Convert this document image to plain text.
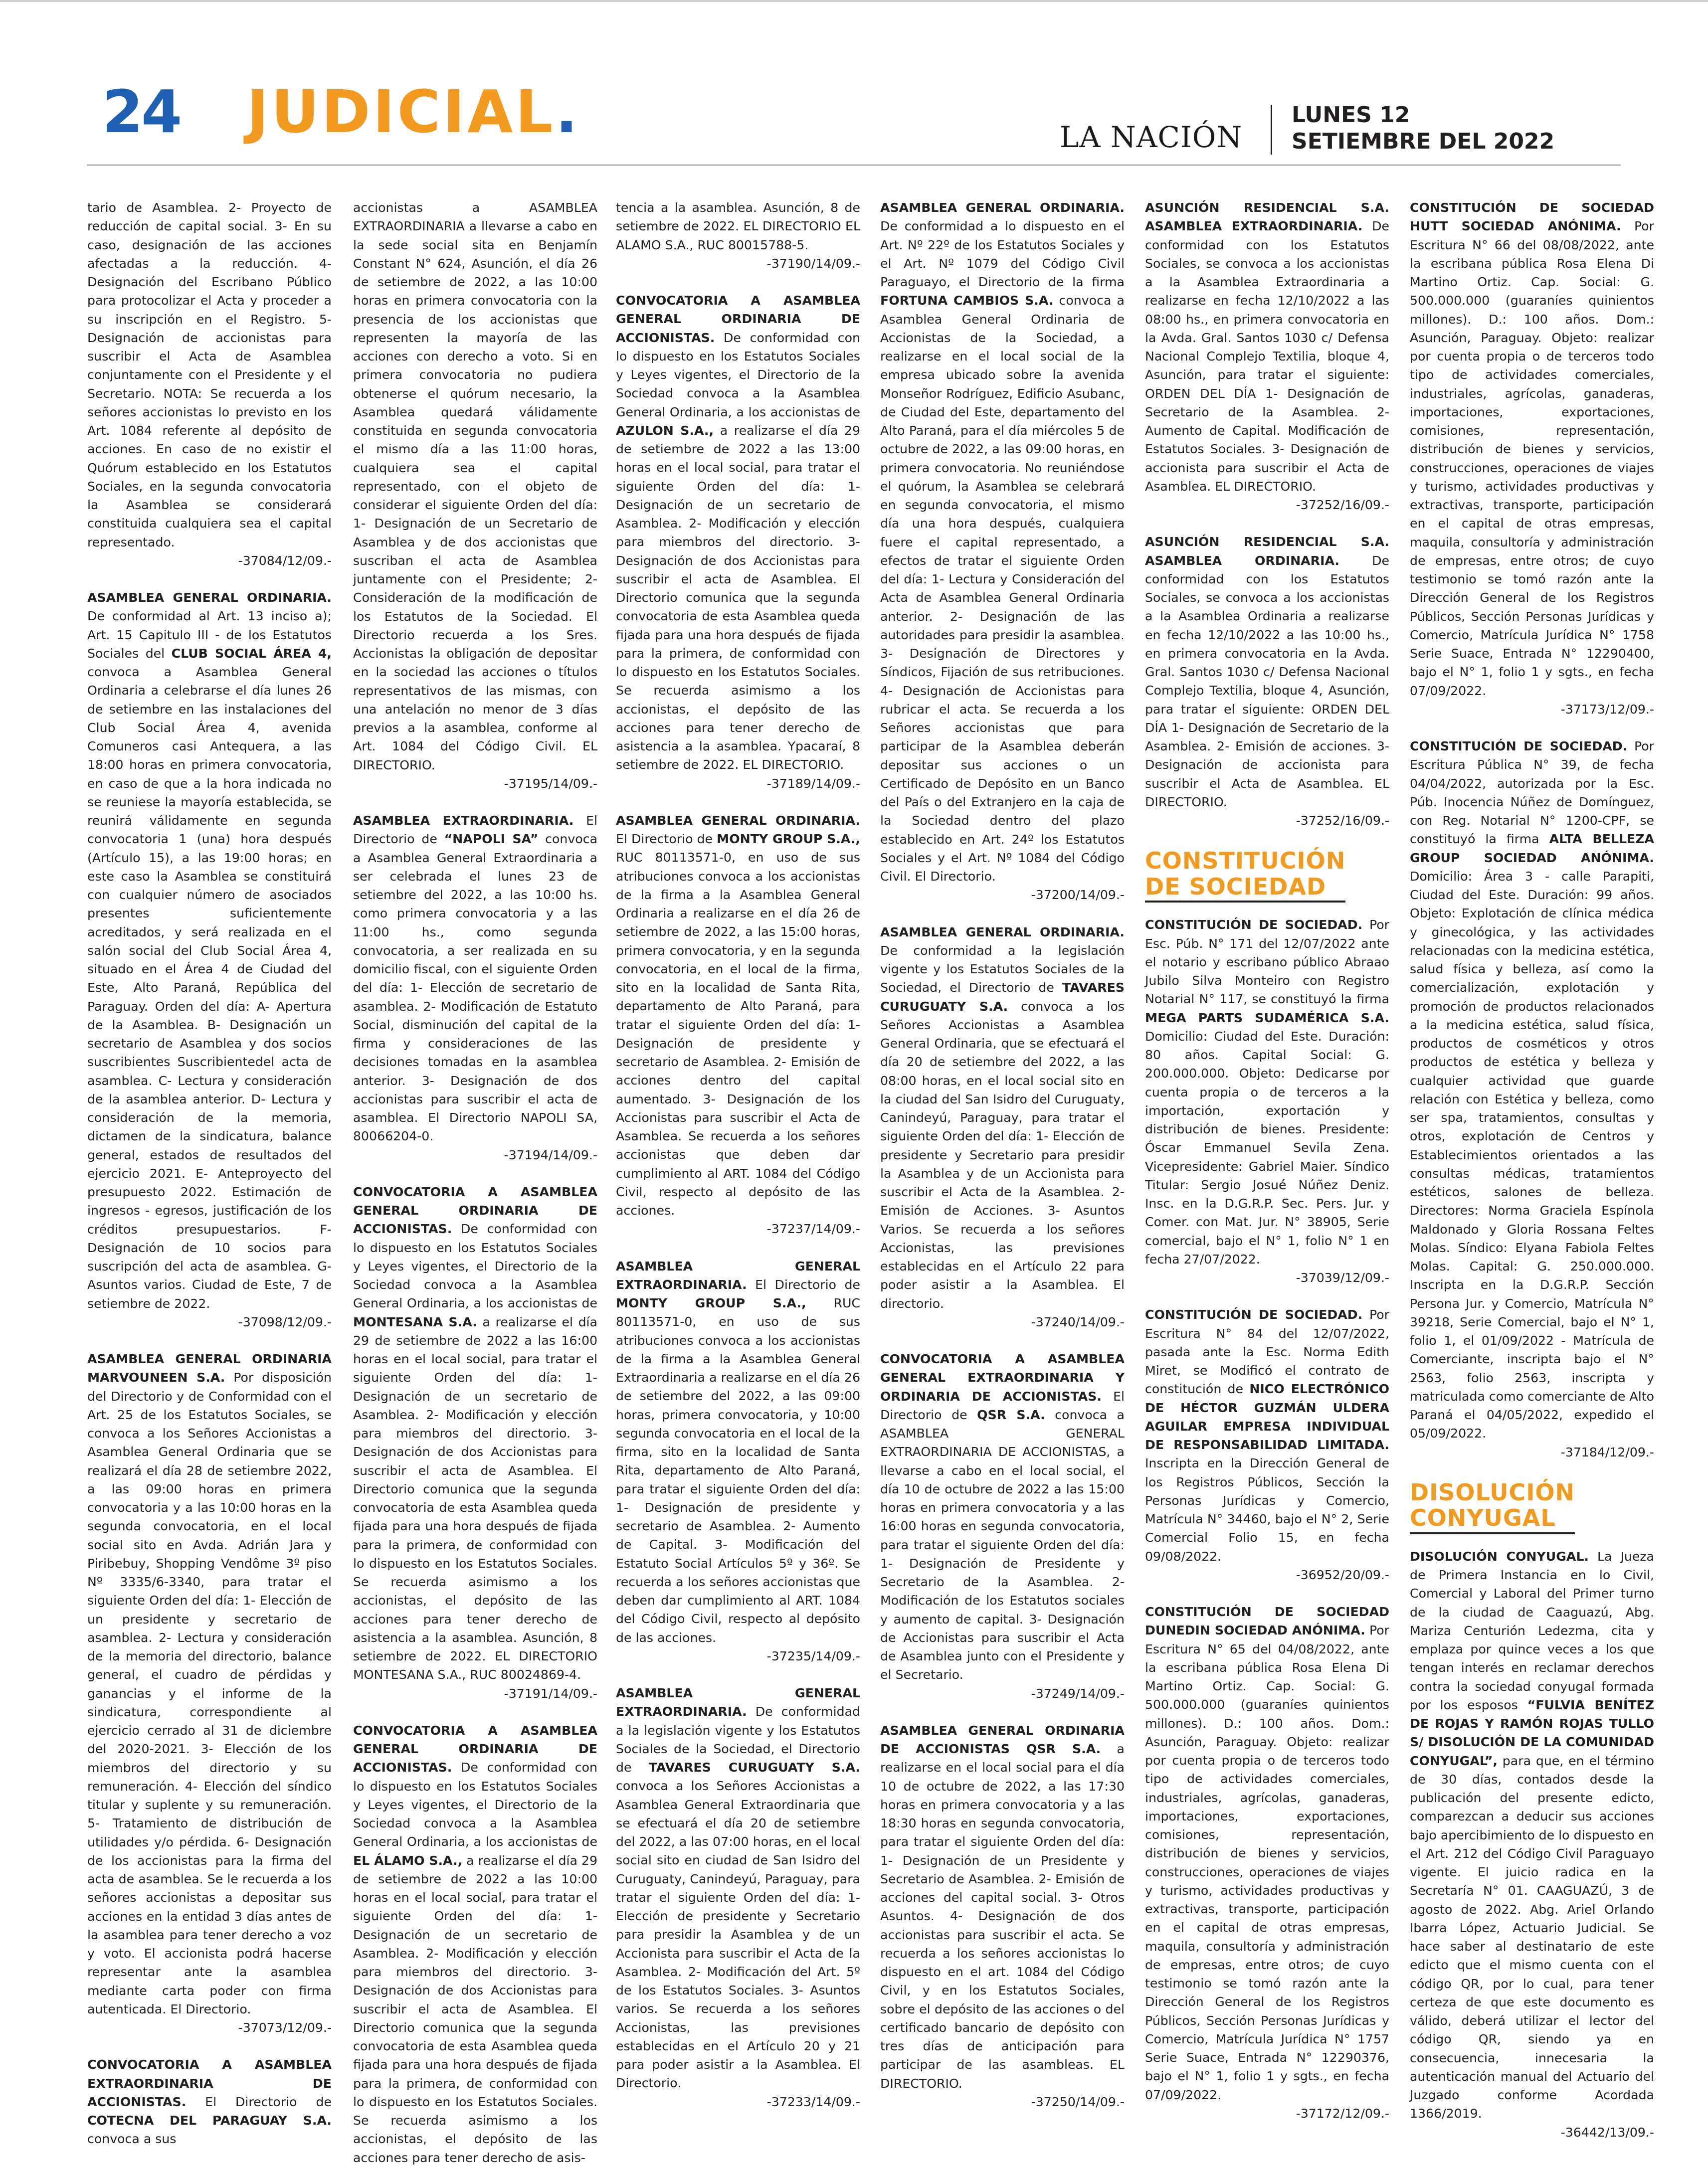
24 JUDICIAL.	LA NACIÓN
LUNES 12
SETIEMBRE DEL 2022

tario de Asamblea. 2- Proyecto de reducción de capital social. 3- En su caso, designación de las acciones afectadas a la reducción. 4- Designación del Escribano Público para protocolizar el Acta y proceder a su inscripción en el Registro. 5- Designación de accionistas para suscribir el Acta de Asamblea conjuntamente con el Presidente y el Secretario. NOTA: Se recuerda a los señores accionistas lo previsto en los Art. 1084 referente al depósito de acciones. En caso de no existir el Quórum establecido en los Estatutos Sociales, en la segunda convocatoria la Asamblea se considerará constituida cualquiera sea el capital representado.

-37084/12/09.-

ASAMBLEA GENERAL ORDINARIA. De conformidad al Art. 13 inciso a); Art. 15 Capitulo III - de los Estatutos Sociales del CLUB SOCIAL ÁREA 4, convoca a Asamblea General Ordinaria a celebrarse el día lunes 26 de setiembre en las instalaciones del Club Social Área 4, avenida Comuneros casi Antequera, a las 18:00 horas en primera convocatoria, en caso de que a la hora indicada no se reuniese la mayoría establecida, se reunirá válidamente en segunda convocatoria 1 (una) hora después (Artículo 15), a las 19:00 horas; en este caso la Asamblea se constituirá con cualquier número de asociados presentes suficientemente acreditados, y será realizada en el salón social del Club Social Área 4, situado en el Área 4 de Ciudad del Este, Alto Paraná, República del Paraguay. Orden del día: A- Apertura de la Asamblea. B- Designación un secretario de Asamblea y dos socios suscribientes Suscribientedel acta de asamblea. C- Lectura y consideración de la asamblea anterior. D- Lectura y consideración de la memoria, dictamen de la sindicatura, balance general, estados de resultados del ejercicio 2021. E- Anteproyecto del presupuesto 2022. Estimación de ingresos - egresos, justificación de los créditos presupuestarios. F- Designación de 10 socios para suscripción del acta de asamblea. G- Asuntos varios. Ciudad de Este, 7 de setiembre de 2022.

-37098/12/09.-

ASAMBLEA GENERAL ORDINARIA MARVOUNEEN S.A. Por disposición del Directorio y de Conformidad con el Art. 25 de los Estatutos Sociales, se convoca a los Señores Accionistas a Asamblea General Ordinaria que se realizará el día 28 de setiembre 2022, a las 09:00 horas en primera convocatoria y a las 10:00 horas en la segunda convocatoria, en el local social sito en Avda. Adrián Jara y Piribebuy, Shopping Vendôme 3º piso Nº 3335/6-3340, para tratar el siguiente Orden del día: 1- Elección de un presidente y secretario de asamblea. 2- Lectura y consideración de la memoria del directorio, balance general, el cuadro de pérdidas y ganancias y el informe de la sindicatura, correspondiente al ejercicio cerrado al 31 de diciembre del 2020-2021. 3- Elección de los miembros del directorio y su remuneración. 4- Elección del síndico titular y suplente y su remuneración. 5- Tratamiento de distribución de utilidades y/o pérdida. 6- Designación de los accionistas para la firma del acta de asamblea. Se le recuerda a los señores accionistas a depositar sus acciones en la entidad 3 días antes de la asamblea para tener derecho a voz y voto. El accionista podrá hacerse representar ante la asamblea mediante carta poder con firma autenticada. El Directorio.

-37073/12/09.-

CONVOCATORIA A ASAMBLEA EXTRAORDINARIA DE ACCIONISTAS. El Directorio de COTECNA DEL PARAGUAY S.A. convoca a sus

accionistas a ASAMBLEA EXTRAORDINARIA a llevarse a cabo en la sede social sita en Benjamín Constant N° 624, Asunción, el día 26 de setiembre de 2022, a las 10:00 horas en primera convocatoria con la presencia de los accionistas que representen la mayoría de las acciones con derecho a voto. Si en primera convocatoria no pudiera obtenerse el quórum necesario, la Asamblea quedará válidamente constituida en segunda convocatoria el mismo día a las 11:00 horas, cualquiera sea el capital representado, con el objeto de considerar el siguiente Orden del día: 1- Designación de un Secretario de Asamblea y de dos accionistas que suscriban el acta de Asamblea juntamente con el Presidente; 2- Consideración de la modificación de los Estatutos de la Sociedad. El Directorio recuerda a los Sres. Accionistas la obligación de depositar en la sociedad las acciones o títulos representativos de las mismas, con una antelación no menor de 3 días previos a la asamblea, conforme al Art. 1084 del Código Civil. EL DIRECTORIO.

-37195/14/09.-

ASAMBLEA EXTRAORDINARIA. El Directorio de “NAPOLI SA” convoca a Asamblea General Extraordinaria a ser celebrada el lunes 23 de setiembre del 2022, a las 10:00 hs. como primera convocatoria y a las 11:00 hs., como segunda convocatoria, a ser realizada en su domicilio fiscal, con el siguiente Orden del día: 1- Elección de secretario de asamblea. 2- Modificación de Estatuto Social, disminución del capital de la firma y consideraciones de las decisiones tomadas en la asamblea anterior. 3- Designación de dos accionistas para suscribir el acta de asamblea. El Directorio NAPOLI SA, 80066204-0.

-37194/14/09.-

CONVOCATORIA A ASAMBLEA GENERAL ORDINARIA DE ACCIONISTAS. De conformidad con lo dispuesto en los Estatutos Sociales y Leyes vigentes, el Directorio de la Sociedad convoca a la Asamblea General Ordinaria, a los accionistas de MONTESANA S.A. a realizarse el día 29 de setiembre de 2022 a las 16:00 horas en el local social, para tratar el siguiente Orden del día: 1- Designación de un secretario de Asamblea. 2- Modificación y elección para miembros del directorio. 3- Designación de dos Accionistas para suscribir el acta de Asamblea. El Directorio comunica que la segunda convocatoria de esta Asamblea queda fijada para una hora después de fijada para la primera, de conformidad con lo dispuesto en los Estatutos Sociales. Se recuerda asimismo a los accionistas, el depósito de las acciones para tener derecho de asistencia a la asamblea. Asunción, 8 setiembre de 2022. EL DIRECTORIO MONTESANA S.A., RUC 80024869-4.

-37191/14/09.-

CONVOCATORIA A ASAMBLEA GENERAL ORDINARIA DE ACCIONISTAS. De conformidad con lo dispuesto en los Estatutos Sociales y Leyes vigentes, el Directorio de la Sociedad convoca a la Asamblea General Ordinaria, a los accionistas de EL ÁLAMO S.A., a realizarse el día 29 de setiembre de 2022 a las 10:00 horas en el local social, para tratar el siguiente Orden del día: 1- Designación de un secretario de Asamblea. 2- Modificación y elección para miembros del directorio. 3- Designación de dos Accionistas para suscribir el acta de Asamblea. El Directorio comunica que la segunda convocatoria de esta Asamblea queda fijada para una hora después de fijada para la primera, de conformidad con lo dispuesto en los Estatutos Sociales. Se recuerda asimismo a los accionistas, el depósito de las acciones para tener derecho de asis-

tencia a la asamblea. Asunción, 8 de setiembre de 2022. EL DIRECTORIO EL ALAMO S.A., RUC 80015788-5.

-37190/14/09.-

CONVOCATORIA A ASAMBLEA GENERAL ORDINARIA DE ACCIONISTAS. De conformidad con lo dispuesto en los Estatutos Sociales y Leyes vigentes, el Directorio de la Sociedad convoca a la Asamblea General Ordinaria, a los accionistas de AZULON S.A., a realizarse el día 29 de setiembre de 2022 a las 13:00 horas en el local social, para tratar el siguiente Orden del día: 1- Designación de un secretario de Asamblea. 2- Modificación y elección para miembros del directorio. 3- Designación de dos Accionistas para suscribir el acta de Asamblea. El Directorio comunica que la segunda convocatoria de esta Asamblea queda fijada para una hora después de fijada para la primera, de conformidad con lo dispuesto en los Estatutos Sociales. Se recuerda asimismo a los accionistas, el depósito de las acciones para tener derecho de asistencia a la asamblea. Ypacaraí, 8 setiembre de 2022. EL DIRECTORIO.

-37189/14/09.-

ASAMBLEA GENERAL ORDINARIA. El Directorio de MONTY GROUP S.A., RUC 80113571-0, en uso de sus atribuciones convoca a los accionistas de la firma a la Asamblea General Ordinaria a realizarse en el día 26 de setiembre de 2022, a las 15:00 horas, primera convocatoria, y en la segunda convocatoria, en el local de la firma, sito en la localidad de Santa Rita, departamento de Alto Paraná, para tratar el siguiente Orden del día: 1- Designación de presidente y secretario de Asamblea. 2- Emisión de acciones dentro del capital aumentado. 3- Designación de los Accionistas para suscribir el Acta de Asamblea. Se recuerda a los señores accionistas que deben dar cumplimiento al ART. 1084 del Código Civil, respecto al depósito de las acciones.

-37237/14/09.-

ASAMBLEA GENERAL EXTRAORDINARIA. El Directorio de MONTY GROUP S.A., RUC 80113571-0, en uso de sus atribuciones convoca a los accionistas de la firma a la Asamblea General Extraordinaria a realizarse en el día 26 de setiembre del 2022, a las 09:00 horas, primera convocatoria, y 10:00 segunda convocatoria en el local de la firma, sito en la localidad de Santa Rita, departamento de Alto Paraná, para tratar el siguiente Orden del día: 1- Designación de presidente y secretario de Asamblea. 2- Aumento de Capital. 3- Modificación del Estatuto Social Artículos 5º y 36º. Se recuerda a los señores accionistas que deben dar cumplimiento al ART. 1084 del Código Civil, respecto al depósito de las acciones.

-37235/14/09.-

ASAMBLEA GENERAL EXTRAORDINARIA. De conformidad a la legislación vigente y los Estatutos Sociales de la Sociedad, el Directorio de TAVARES CURUGUATY S.A. convoca a los Señores Accionistas a Asamblea General Extraordinaria que se efectuará el día 20 de setiembre del 2022, a las 07:00 horas, en el local social sito en ciudad de San Isidro del Curuguaty, Canindeyú, Paraguay, para tratar el siguiente Orden del día: 1- Elección de presidente y Secretario para presidir la Asamblea y de un Accionista para suscribir el Acta de la Asamblea. 2- Modificación del Art. 5º de los Estatutos Sociales. 3- Asuntos varios. Se recuerda a los señores Accionistas, las previsiones establecidas en el Artículo 20 y 21 para poder asistir a la Asamblea. El Directorio.

-37233/14/09.-

ASAMBLEA GENERAL ORDINARIA. De conformidad a lo dispuesto en el Art. Nº 22º de los Estatutos Sociales y el Art. Nº 1079 del Código Civil Paraguayo, el Directorio de la firma FORTUNA CAMBIOS S.A. convoca a Asamblea General Ordinaria de Accionistas de la Sociedad, a realizarse en el local social de la empresa ubicado sobre la avenida Monseñor Rodríguez, Edificio Asubanc, de Ciudad del Este, departamento del Alto Paraná, para el día miércoles 5 de octubre de 2022, a las 09:00 horas, en primera convocatoria. No reuniéndose el quórum, la Asamblea se celebrará en segunda convocatoria, el mismo día una hora después, cualquiera fuere el capital representado, a efectos de tratar el siguiente Orden del día: 1- Lectura y Consideración del Acta de Asamblea General Ordinaria anterior. 2- Designación de las autoridades para presidir la asamblea. 3- Designación de Directores y Síndicos, Fijación de sus retribuciones. 4- Designación de Accionistas para rubricar el acta. Se recuerda a los Señores accionistas que para participar de la Asamblea deberán depositar sus acciones o un Certificado de Depósito en un Banco del País o del Extranjero en la caja de la Sociedad dentro del plazo establecido en Art. 24º los Estatutos Sociales y el Art. Nº 1084 del Código Civil. El Directorio.

-37200/14/09.-

ASAMBLEA GENERAL ORDINARIA. De conformidad a la legislación vigente y los Estatutos Sociales de la Sociedad, el Directorio de TAVARES CURUGUATY S.A. convoca a los Señores Accionistas a Asamblea General Ordinaria, que se efectuará el día 20 de setiembre del 2022, a las 08:00 horas, en el local social sito en la ciudad del San Isidro del Curuguaty, Canindeyú, Paraguay, para tratar el siguiente Orden del día: 1- Elección de presidente y Secretario para presidir la Asamblea y de un Accionista para suscribir el Acta de la Asamblea. 2- Emisión de Acciones. 3- Asuntos Varios. Se recuerda a los señores Accionistas, las previsiones establecidas en el Artículo 22 para poder asistir a la Asamblea. El directorio.

-37240/14/09.-

CONVOCATORIA A ASAMBLEA GENERAL EXTRAORDINARIA Y ORDINARIA DE ACCIONISTAS. El Directorio de QSR S.A. convoca a ASAMBLEA GENERAL EXTRAORDINARIA DE ACCIONISTAS, a llevarse a cabo en el local social, el día 10 de octubre de 2022 a las 15:00 horas en primera convocatoria y a las 16:00 horas en segunda convocatoria, para tratar el siguiente Orden del día: 1- Designación de Presidente y Secretario de la Asamblea. 2- Modificación de los Estatutos sociales y aumento de capital. 3- Designación de Accionistas para suscribir el Acta de Asamblea junto con el Presidente y el Secretario.

-37249/14/09.-

ASAMBLEA GENERAL ORDINARIA DE ACCIONISTAS QSR S.A. a realizarse en el local social para el día 10 de octubre de 2022, a las 17:30 horas en primera convocatoria y a las 18:30 horas en segunda convocatoria, para tratar el siguiente Orden del día: 1- Designación de un Presidente y Secretario de Asamblea. 2- Emisión de acciones del capital social. 3- Otros Asuntos. 4- Designación de dos accionistas para suscribir el acta. Se recuerda a los señores accionistas lo dispuesto en el art. 1084 del Código Civil, y en los Estatutos Sociales, sobre el depósito de las acciones o del certificado bancario de depósito con tres días de anticipación para participar de las asambleas. EL DIRECTORIO.

-37250/14/09.-

ASUNCIÓN RESIDENCIAL S.A. ASAMBLEA EXTRAORDINARIA. De conformidad con los Estatutos Sociales, se convoca a los accionistas a la Asamblea Extraordinaria a realizarse en fecha 12/10/2022 a las 08:00 hs., en primera convocatoria en la Avda. Gral. Santos 1030 c/ Defensa Nacional Complejo Textilia, bloque 4, Asunción, para tratar el siguiente: ORDEN DEL DÍA 1- Designación de Secretario de la Asamblea. 2- Aumento de Capital. Modificación de Estatutos Sociales. 3- Designación de accionista para suscribir el Acta de Asamblea. EL DIRECTORIO.

-37252/16/09.-

ASUNCIÓN RESIDENCIAL S.A. ASAMBLEA ORDINARIA. De conformidad con los Estatutos Sociales, se convoca a los accionistas a la Asamblea Ordinaria a realizarse en fecha 12/10/2022 a las 10:00 hs., en primera convocatoria en la Avda. Gral. Santos 1030 c/ Defensa Nacional Complejo Textilia, bloque 4, Asunción, para tratar el siguiente: ORDEN DEL DÍA 1- Designación de Secretario de la Asamblea. 2- Emisión de acciones. 3- Designación de accionista para suscribir el Acta de Asamblea. EL DIRECTORIO.

-37252/16/09.-

CONSTITUCIÓN
DE SOCIEDAD

CONSTITUCIÓN DE SOCIEDAD. Por Esc. Púb. N° 171 del 12/07/2022 ante el notario y escribano público Abraao Jubilo Silva Monteiro con Registro Notarial N° 117, se constituyó la firma MEGA PARTS SUDAMÉRICA S.A. Domicilio: Ciudad del Este. Duración: 80 años. Capital Social: G. 200.000.000. Objeto: Dedicarse por cuenta propia o de terceros a la importación, exportación y distribución de bienes. Presidente: Óscar Emmanuel Sevila Zena. Vicepresidente: Gabriel Maier. Síndico Titular: Sergio Josué Núñez Deniz. Insc. en la D.G.R.P. Sec. Pers. Jur. y Comer. con Mat. Jur. N° 38905, Serie comercial, bajo el N° 1, folio N° 1 en fecha 27/07/2022.

-37039/12/09.-

CONSTITUCIÓN DE SOCIEDAD. Por Escritura N° 84 del 12/07/2022, pasada ante la Esc. Norma Edith Miret, se Modificó el contrato de constitución de NICO ELECTRÓNICO DE HÉCTOR GUZMÁN ULDERA AGUILAR EMPRESA INDIVIDUAL DE RESPONSABILIDAD LIMITADA. Inscripta en la Dirección General de los Registros Públicos, Sección la Personas Jurídicas y Comercio, Matrícula N° 34460, bajo el N° 2, Serie Comercial Folio 15, en fecha 09/08/2022.

-36952/20/09.-

CONSTITUCIÓN DE SOCIEDAD DUNEDIN SOCIEDAD ANÓNIMA. Por Escritura N° 65 del 04/08/2022, ante la escribana pública Rosa Elena Di Martino Ortiz. Cap. Social: G. 500.000.000 (guaraníes quinientos millones). D.: 100 años. Dom.: Asunción, Paraguay. Objeto: realizar por cuenta propia o de terceros todo tipo de actividades comerciales, industriales, agrícolas, ganaderas, importaciones, exportaciones, comisiones, representación, distribución de bienes y servicios, construcciones, operaciones de viajes y turismo, actividades productivas y extractivas, transporte, participación en el capital de otras empresas, maquila, consultoría y administración de empresas, entre otros; de cuyo testimonio se tomó razón ante la Dirección General de los Registros Públicos, Sección Personas Jurídicas y Comercio, Matrícula Jurídica N° 1757 Serie Suace, Entrada N° 12290376, bajo el N° 1, folio 1 y sgts., en fecha 07/09/2022.

-37172/12/09.-

CONSTITUCIÓN DE SOCIEDAD HUTT SOCIEDAD ANÓNIMA. Por Escritura N° 66 del 08/08/2022, ante la escribana pública Rosa Elena Di Martino Ortiz. Cap. Social: G. 500.000.000 (guaraníes quinientos millones). D.: 100 años. Dom.: Asunción, Paraguay. Objeto: realizar por cuenta propia o de terceros todo tipo de actividades comerciales, industriales, agrícolas, ganaderas, importaciones, exportaciones, comisiones, representación, distribución de bienes y servicios, construcciones, operaciones de viajes y turismo, actividades productivas y extractivas, transporte, participación en el capital de otras empresas, maquila, consultoría y administración de empresas, entre otros; de cuyo testimonio se tomó razón ante la Dirección General de los Registros Públicos, Sección Personas Jurídicas y Comercio, Matrícula Jurídica N° 1758 Serie Suace, Entrada N° 12290400, bajo el N° 1, folio 1 y sgts., en fecha 07/09/2022.

-37173/12/09.-

CONSTITUCIÓN DE SOCIEDAD. Por Escritura Pública N° 39, de fecha 04/04/2022, autorizada por la Esc. Púb. Inocencia Núñez de Domínguez, con Reg. Notarial N° 1200-CPF, se constituyó la firma ALTA BELLEZA GROUP SOCIEDAD ANÓNIMA. Domicilio: Área 3 - calle Parapiti, Ciudad del Este. Duración: 99 años. Objeto: Explotación de clínica médica y ginecológica, y las actividades relacionadas con la medicina estética, salud física y belleza, así como la comercialización, explotación y promoción de productos relacionados a la medicina estética, salud física, productos de cosméticos y otros productos de estética y belleza y cualquier actividad que guarde relación con Estética y belleza, como ser spa, tratamientos, consultas y otros, explotación de Centros y Establecimientos orientados a las consultas médicas, tratamientos estéticos, salones de belleza. Directores: Norma Graciela Espínola Maldonado y Gloria Rossana Feltes Molas. Síndico: Elyana Fabiola Feltes Molas. Capital: G. 250.000.000. Inscripta en la D.G.R.P. Sección Persona Jur. y Comercio, Matrícula N° 39218, Serie Comercial, bajo el N° 1, folio 1, el 01/09/2022 - Matrícula de Comerciante, inscripta bajo el N° 2563, folio 2563, inscripta y matriculada como comerciante de Alto Paraná el 04/05/2022, expedido el 05/09/2022.

-37184/12/09.-

DISOLUCIÓN
CONYUGAL

DISOLUCIÓN CONYUGAL. La Jueza de Primera Instancia en lo Civil, Comercial y Laboral del Primer turno de la ciudad de Caaguazú, Abg. Mariza Centurión Ledezma, cita y emplaza por quince veces a los que tengan interés en reclamar derechos contra la sociedad conyugal formada por los esposos “FULVIA BENÍTEZ DE ROJAS Y RAMÓN ROJAS TULLO S/ DISOLUCIÓN DE LA COMUNIDAD CONYUGAL”, para que, en el término de 30 días, contados desde la publicación del presente edicto, comparezcan a deducir sus acciones bajo apercibimiento de lo dispuesto en el Art. 212 del Código Civil Paraguayo vigente. El juicio radica en la Secretaría N° 01. CAAGUAZÚ, 3 de agosto de 2022. Abg. Ariel Orlando Ibarra López, Actuario Judicial. Se hace saber al destinatario de este edicto que el mismo cuenta con el código QR, por lo cual, para tener certeza de que este documento es válido, deberá utilizar el lector del código QR, siendo ya en consecuencia, innecesaria la autenticación manual del Actuario del Juzgado conforme Acordada 1366/2019.

-36442/13/09.-
